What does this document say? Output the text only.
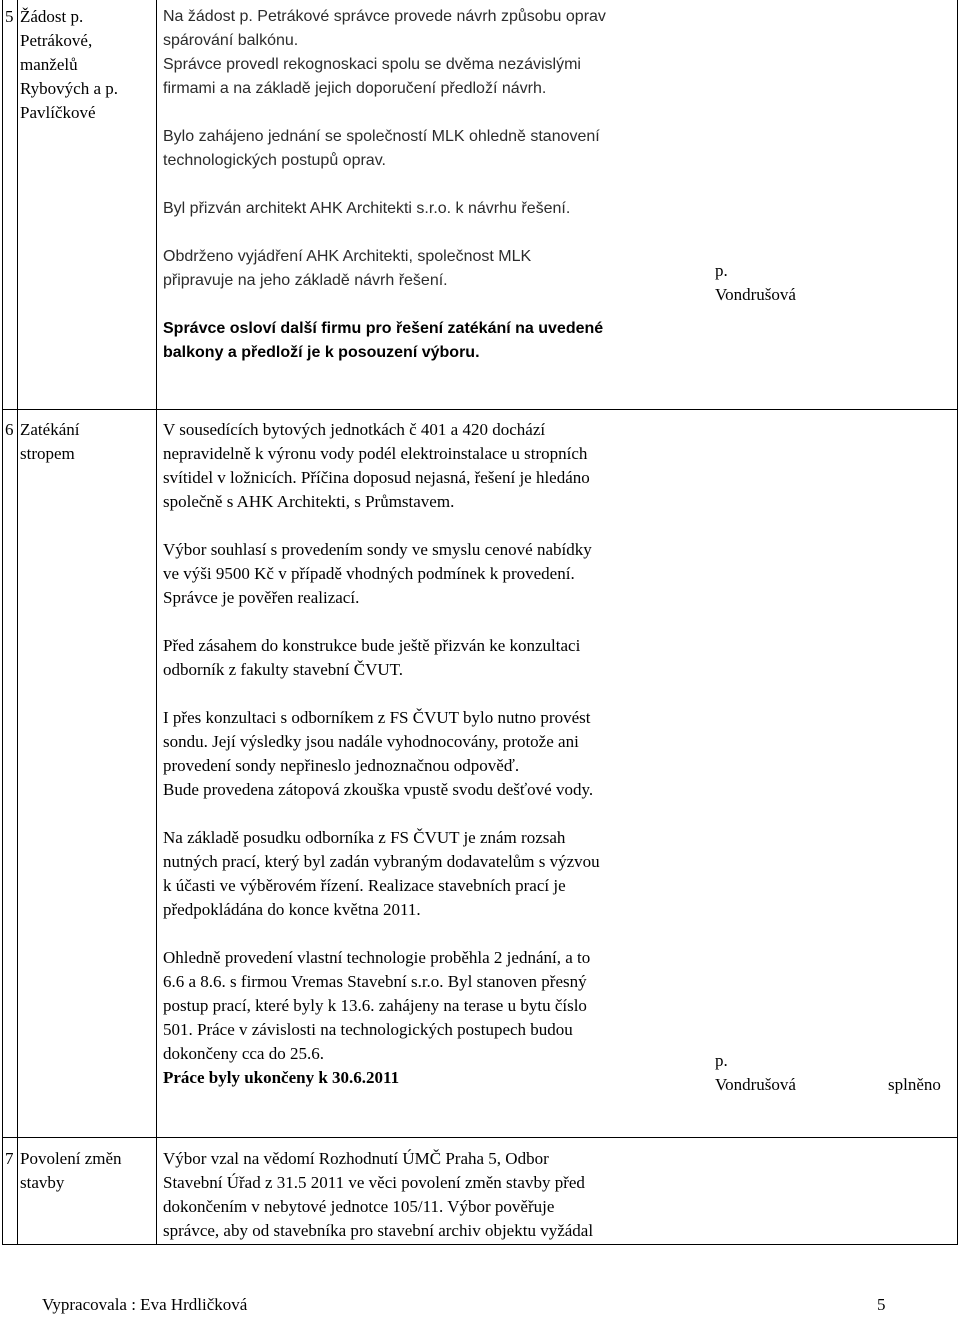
5 Žádost p.
Petrákové,
manželů
Rybových a p.
Pavlíčkové
Na žádost p. Petrákové správce provede návrh způsobu oprav
spárování balkónu.
Správce provedl rekognoskaci spolu se dvěma nezávislými
firmami a na základě jejich doporučení předloží návrh.
Bylo zahájeno jednání se společností MLK ohledně stanovení
technologických postupů oprav.
Byl přizván architekt AHK Architekti s.r.o. k návrhu řešení.
Obdrženo vyjádření AHK Architekti, společnost MLK
připravuje na jeho základě návrh řešení.
Správce osloví další firmu pro řešení zatékání na uvedené
balkony a předloží je k posouzení výboru.
p.
Vondrušová
6 Zatékání
stropem
V sousedících bytových jednotkách č 401 a 420 dochází
nepravidelně k výronu vody podél elektroinstalace u stropních
svítidel v ložnicích. Příčina doposud nejasná, řešení je hledáno
společně s AHK Architekti, s Průmstavem.
Výbor souhlasí s provedením sondy ve smyslu cenové nabídky
ve výši 9500 Kč v případě vhodných podmínek k provedení.
Správce je pověřen realizací.
Před zásahem do konstrukce bude ještě přizván ke konzultaci
odborník z fakulty stavební ČVUT.
I přes konzultaci s odborníkem z FS ČVUT bylo nutno provést
sondu. Její výsledky jsou nadále vyhodnocovány, protože ani
provedení sondy nepřineslo jednoznačnou odpověď.
Bude provedena zátopová zkouška vpustě svodu dešťové vody.
Na základě posudku odborníka z FS ČVUT je znám rozsah
nutných prací, který byl zadán vybraným dodavatelům s výzvou
k účasti ve výběrovém řízení. Realizace stavebních prací je
předpokládána do konce května 2011.
Ohledně provedení vlastní technologie proběhla 2 jednání, a to
6.6 a 8.6. s firmou Vremas Stavební s.r.o. Byl stanoven přesný
postup prací, které byly k 13.6. zahájeny na terase u bytu číslo
501. Práce v závislosti na technologických postupech budou
dokončeny cca do 25.6.
Práce byly ukončeny k 30.6.2011
p.
Vondrušová	splněno
7 Povolení změn
stavby
Výbor vzal na vědomí Rozhodnutí ÚMČ Praha 5, Odbor
Stavební Úřad z 31.5 2011 ve věci povolení změn stavby před
dokončením v nebytové jednotce 105/11. Výbor pověřuje
správce, aby od stavebníka pro stavební archiv objektu vyžádal
Vypracovala : Eva Hrdličková	5
